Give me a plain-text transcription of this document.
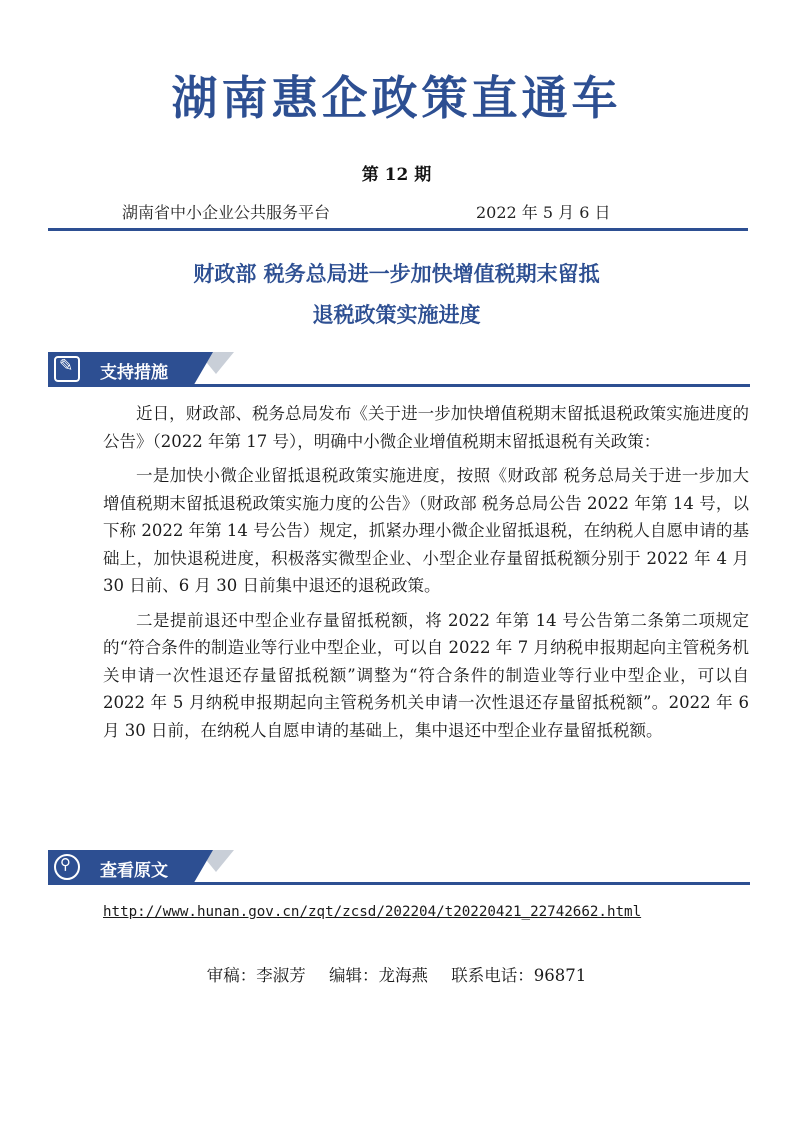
湖南惠企政策直通车
第 12 期
湖南省中小企业公共服务平台	2022 年 5 月 6 日
财政部 税务总局进一步加快增值税期末留抵
退税政策实施进度
✎ 支持措施

近日，财政部、税务总局发布《关于进一步加快增值税期末留抵退税政策实施进度的公告》（2022 年第 17 号），明确中小微企业增值税期末留抵退税有关政策：

一是加快小微企业留抵退税政策实施进度，按照《财政部 税务总局关于进一步加大增值税期末留抵退税政策实施力度的公告》（财政部 税务总局公告 2022 年第 14 号，以下称 2022 年第 14 号公告）规定，抓紧办理小微企业留抵退税，在纳税人自愿申请的基础上，加快退税进度，积极落实微型企业、小型企业存量留抵税额分别于 2022 年 4 月 30 日前、6 月 30 日前集中退还的退税政策。

二是提前退还中型企业存量留抵税额，将 2022 年第 14 号公告第二条第二项规定的“符合条件的制造业等行业中型企业，可以自 2022 年 7 月纳税申报期起向主管税务机关申请一次性退还存量留抵税额”调整为“符合条件的制造业等行业中型企业，可以自 2022 年 5 月纳税申报期起向主管税务机关申请一次性退还存量留抵税额”。2022 年 6 月 30 日前，在纳税人自愿申请的基础上，集中退还中型企业存量留抵税额。

⚲ 查看原文
http://www.hunan.gov.cn/zqt/zcsd/202204/t20220421_22742662.html
审稿：李淑芳 编辑：龙海燕 联系电话：96871
